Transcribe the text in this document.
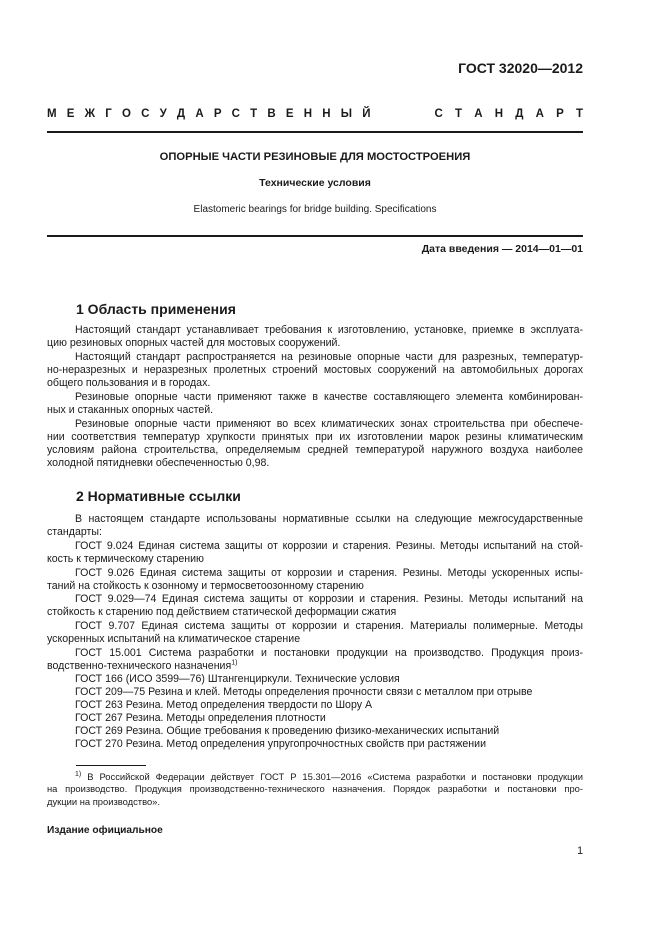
ГОСТ 32020—2012
М Е Ж Г О С У Д А Р С Т В Е Н Н Ы Й	С Т А Н Д А Р Т
ОПОРНЫЕ ЧАСТИ РЕЗИНОВЫЕ ДЛЯ МОСТОСТРОЕНИЯ
Технические условия
Elastomeric bearings for bridge building. Specifications
Дата введения — 2014—01—01
1 Область применения
Настоящий стандарт устанавливает требования к изготовлению, установке, приемке в эксплуата-
цию резиновых опорных частей для мостовых сооружений.
Настоящий стандарт распространяется на резиновые опорные части для разрезных, температур-
но-неразрезных и неразрезных пролетных строений мостовых сооружений на автомобильных дорогах
общего пользования и в городах.
Резиновые опорные части применяют также в качестве составляющего элемента комбинирован-
ных и стаканных опорных частей.
Резиновые опорные части применяют во всех климатических зонах строительства при обеспече-
нии соответствия температур хрупкости принятых при их изготовлении марок резины климатическим
условиям района строительства, определяемым средней температурой наружного воздуха наиболее
холодной пятидневки обеспеченностью 0,98.
2 Нормативные ссылки
В настоящем стандарте использованы нормативные ссылки на следующие межгосударственные
стандарты:
ГОСТ 9.024 Единая система защиты от коррозии и старения. Резины. Методы испытаний на стой-
кость к термическому старению
ГОСТ 9.026 Единая система защиты от коррозии и старения. Резины. Методы ускоренных испы-
таний на стойкость к озонному и термосветоозонному старению
ГОСТ 9.029—74 Единая система защиты от коррозии и старения. Резины. Методы испытаний на
стойкость к старению под действием статической деформации сжатия
ГОСТ 9.707 Единая система защиты от коррозии и старения. Материалы полимерные. Методы
ускоренных испытаний на климатическое старение
ГОСТ 15.001 Система разработки и постановки продукции на производство. Продукция произ-
водственно-технического назначения$^{1)}$
ГОСТ 166 (ИСО 3599—76) Штангенциркули. Технические условия
ГОСТ 209—75 Резина и клей. Методы определения прочности связи с металлом при отрыве
ГОСТ 263 Резина. Метод определения твердости по Шору А
ГОСТ 267 Резина. Методы определения плотности
ГОСТ 269 Резина. Общие требования к проведению физико-механических испытаний
ГОСТ 270 Резина. Метод определения упругопрочностных свойств при растяжении
$^{1)}$ В Российской Федерации действует ГОСТ Р 15.301—2016 «Система разработки и постановки продукции
на производство. Продукция производственно-технического назначения. Порядок разработки и постановки про-
дукции на производство».
Издание официальное
1
